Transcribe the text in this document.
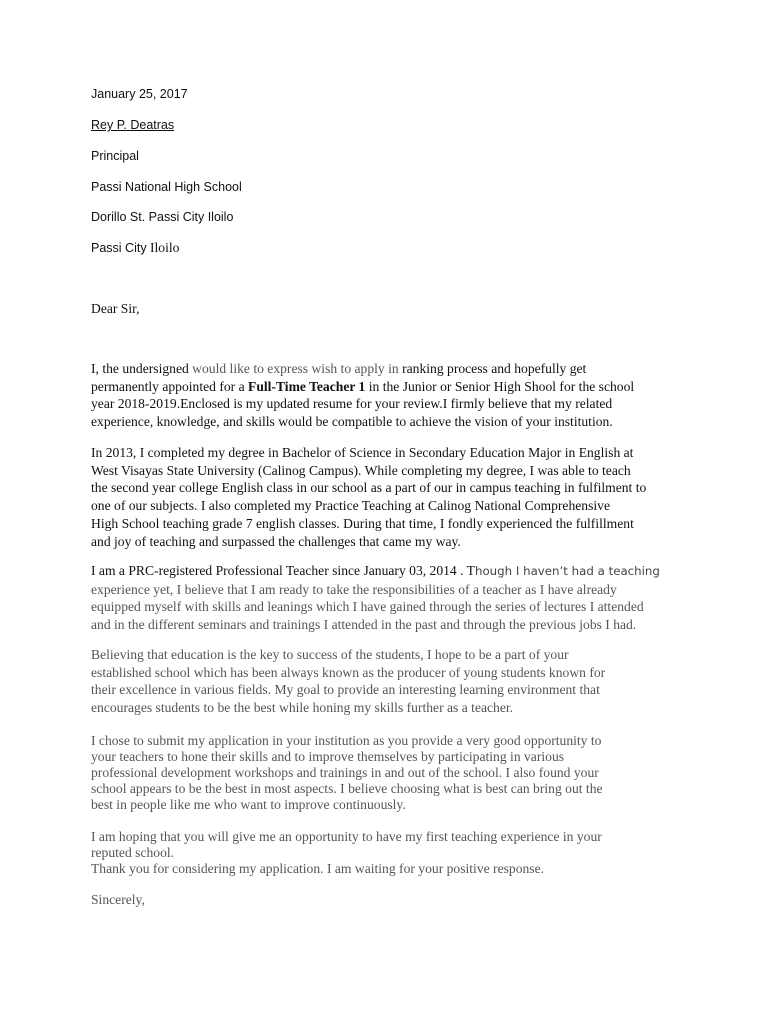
January 25, 2017

Rey P. Deatras

Principal

Passi National High School

Dorillo St. Passi City Iloilo

Passi City Iloilo

Dear Sir,

I, the undersigned would like to express wish to apply in ranking process and hopefully get
permanently appointed for a Full-Time Teacher 1 in the Junior or Senior High Shool for the school
year 2018-2019.Enclosed is my updated resume for your review.I firmly believe that my related
experience, knowledge, and skills would be compatible to achieve the vision of your institution.
In 2013, I completed my degree in Bachelor of Science in Secondary Education Major in English at
West Visayas State University (Calinog Campus). While completing my degree, I was able to teach
the second year college English class in our school as a part of our in campus teaching in fulfilment to
one of our subjects. I also completed my Practice Teaching at Calinog National Comprehensive
High School teaching grade 7 english classes. During that time, I fondly experienced the fulfillment
and joy of teaching and surpassed the challenges that came my way.
I am a PRC-registered Professional Teacher since January 03, 2014 . Though I haven’t had a teaching
experience yet, I believe that I am ready to take the responsibilities of a teacher as I have already
equipped myself with skills and leanings which I have gained through the series of lectures I attended
and in the different seminars and trainings I attended in the past and through the previous jobs I had.
Believing that education is the key to success of the students, I hope to be a part of your
established school which has been always known as the producer of young students known for
their excellence in various fields. My goal to provide an interesting learning environment that
encourages students to be the best while honing my skills further as a teacher.
I chose to submit my application in your institution as you provide a very good opportunity to
your teachers to hone their skills and to improve themselves by participating in various
professional development workshops and trainings in and out of the school. I also found your
school appears to be the best in most aspects. I believe choosing what is best can bring out the
best in people like me who want to improve continuously.
I am hoping that you will give me an opportunity to have my first teaching experience in your
reputed school.
Thank you for considering my application. I am waiting for your positive response.

Sincerely,
